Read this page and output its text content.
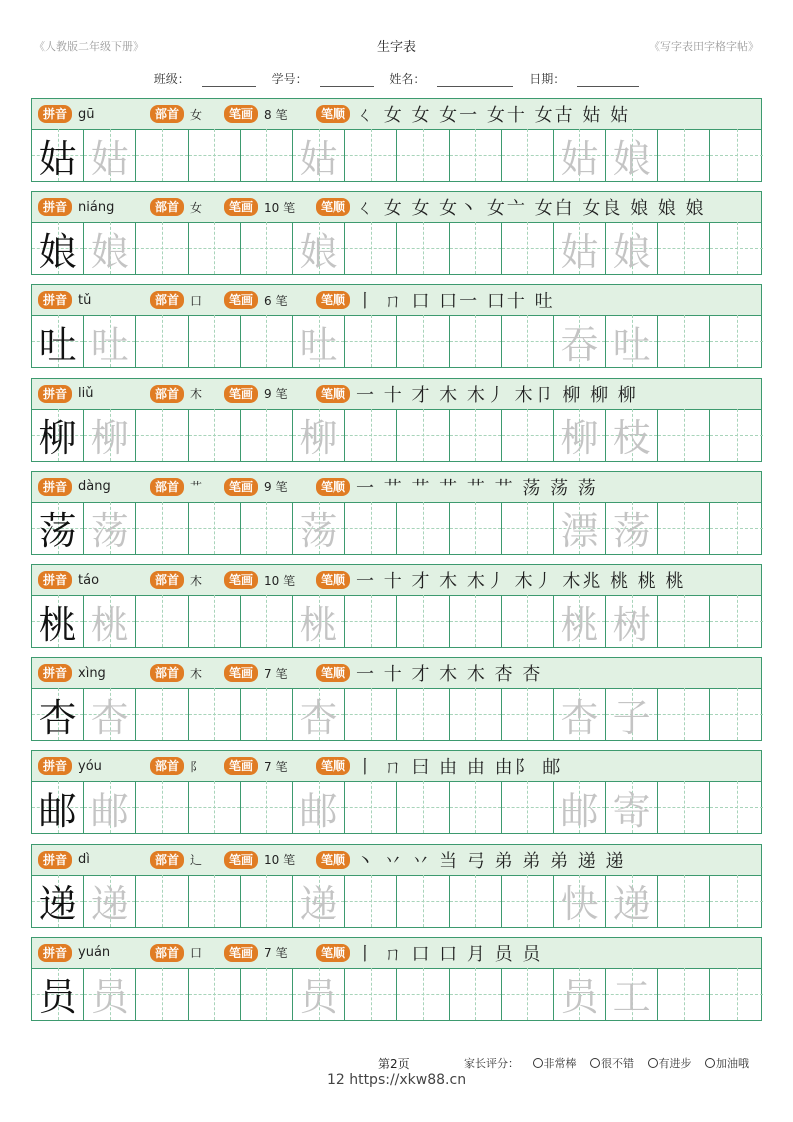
《人教版二年级下册》	生字表	《写字表田字格字帖》
班级：	学号：	姓名：	日期：
拼音 gū	部首 女	笔画 8 笔	笔顺 ㄑ 女 女 女一 女十 女古 姑 姑
姑 姑	姑	姑 娘
拼音 niáng	部首 女	笔画 10 笔	笔顺 ㄑ 女 女 女丶 女亠 女白 女良 娘 娘 娘
娘 娘	娘	姑 娘
拼音 tǔ	部首 口	笔画 6 笔	笔顺 丨 ㄇ 口 口一 口十 吐
吐 吐	吐	吞 吐
拼音 liǔ	部首 木	笔画 9 笔	笔顺 一 十 才 木 木丿 木卩 柳 柳 柳
柳 柳	柳	柳 枝
拼音 dàng	部首 艹	笔画 9 笔	笔顺 一 艹 艹 艹 艹 艹 荡 荡 荡
荡 荡	荡	漂 荡
拼音 táo	部首 木	笔画 10 笔	笔顺 一 十 才 木 木丿 木丿 木兆 桃 桃 桃
桃 桃	桃	桃 树
拼音 xìng	部首 木	笔画 7 笔	笔顺 一 十 才 木 木 杏 杏
杏 杏	杏	杏 子
拼音 yóu	部首 阝	笔画 7 笔	笔顺 丨 ㄇ 曰 由 由 由阝 邮
邮 邮	邮	邮 寄
拼音 dì	部首 辶	笔画 10 笔	笔顺 丶 丷 丷 当 弓 弟 弟 弟 递 递
递 递	递	快 递
拼音 yuán	部首 口	笔画 7 笔	笔顺 丨 ㄇ 口 口 月 员 员
员 员	员	员 工
第2页	家长评分： 非常棒 很不错 有进步 加油哦
12 https://xkw88.cn
